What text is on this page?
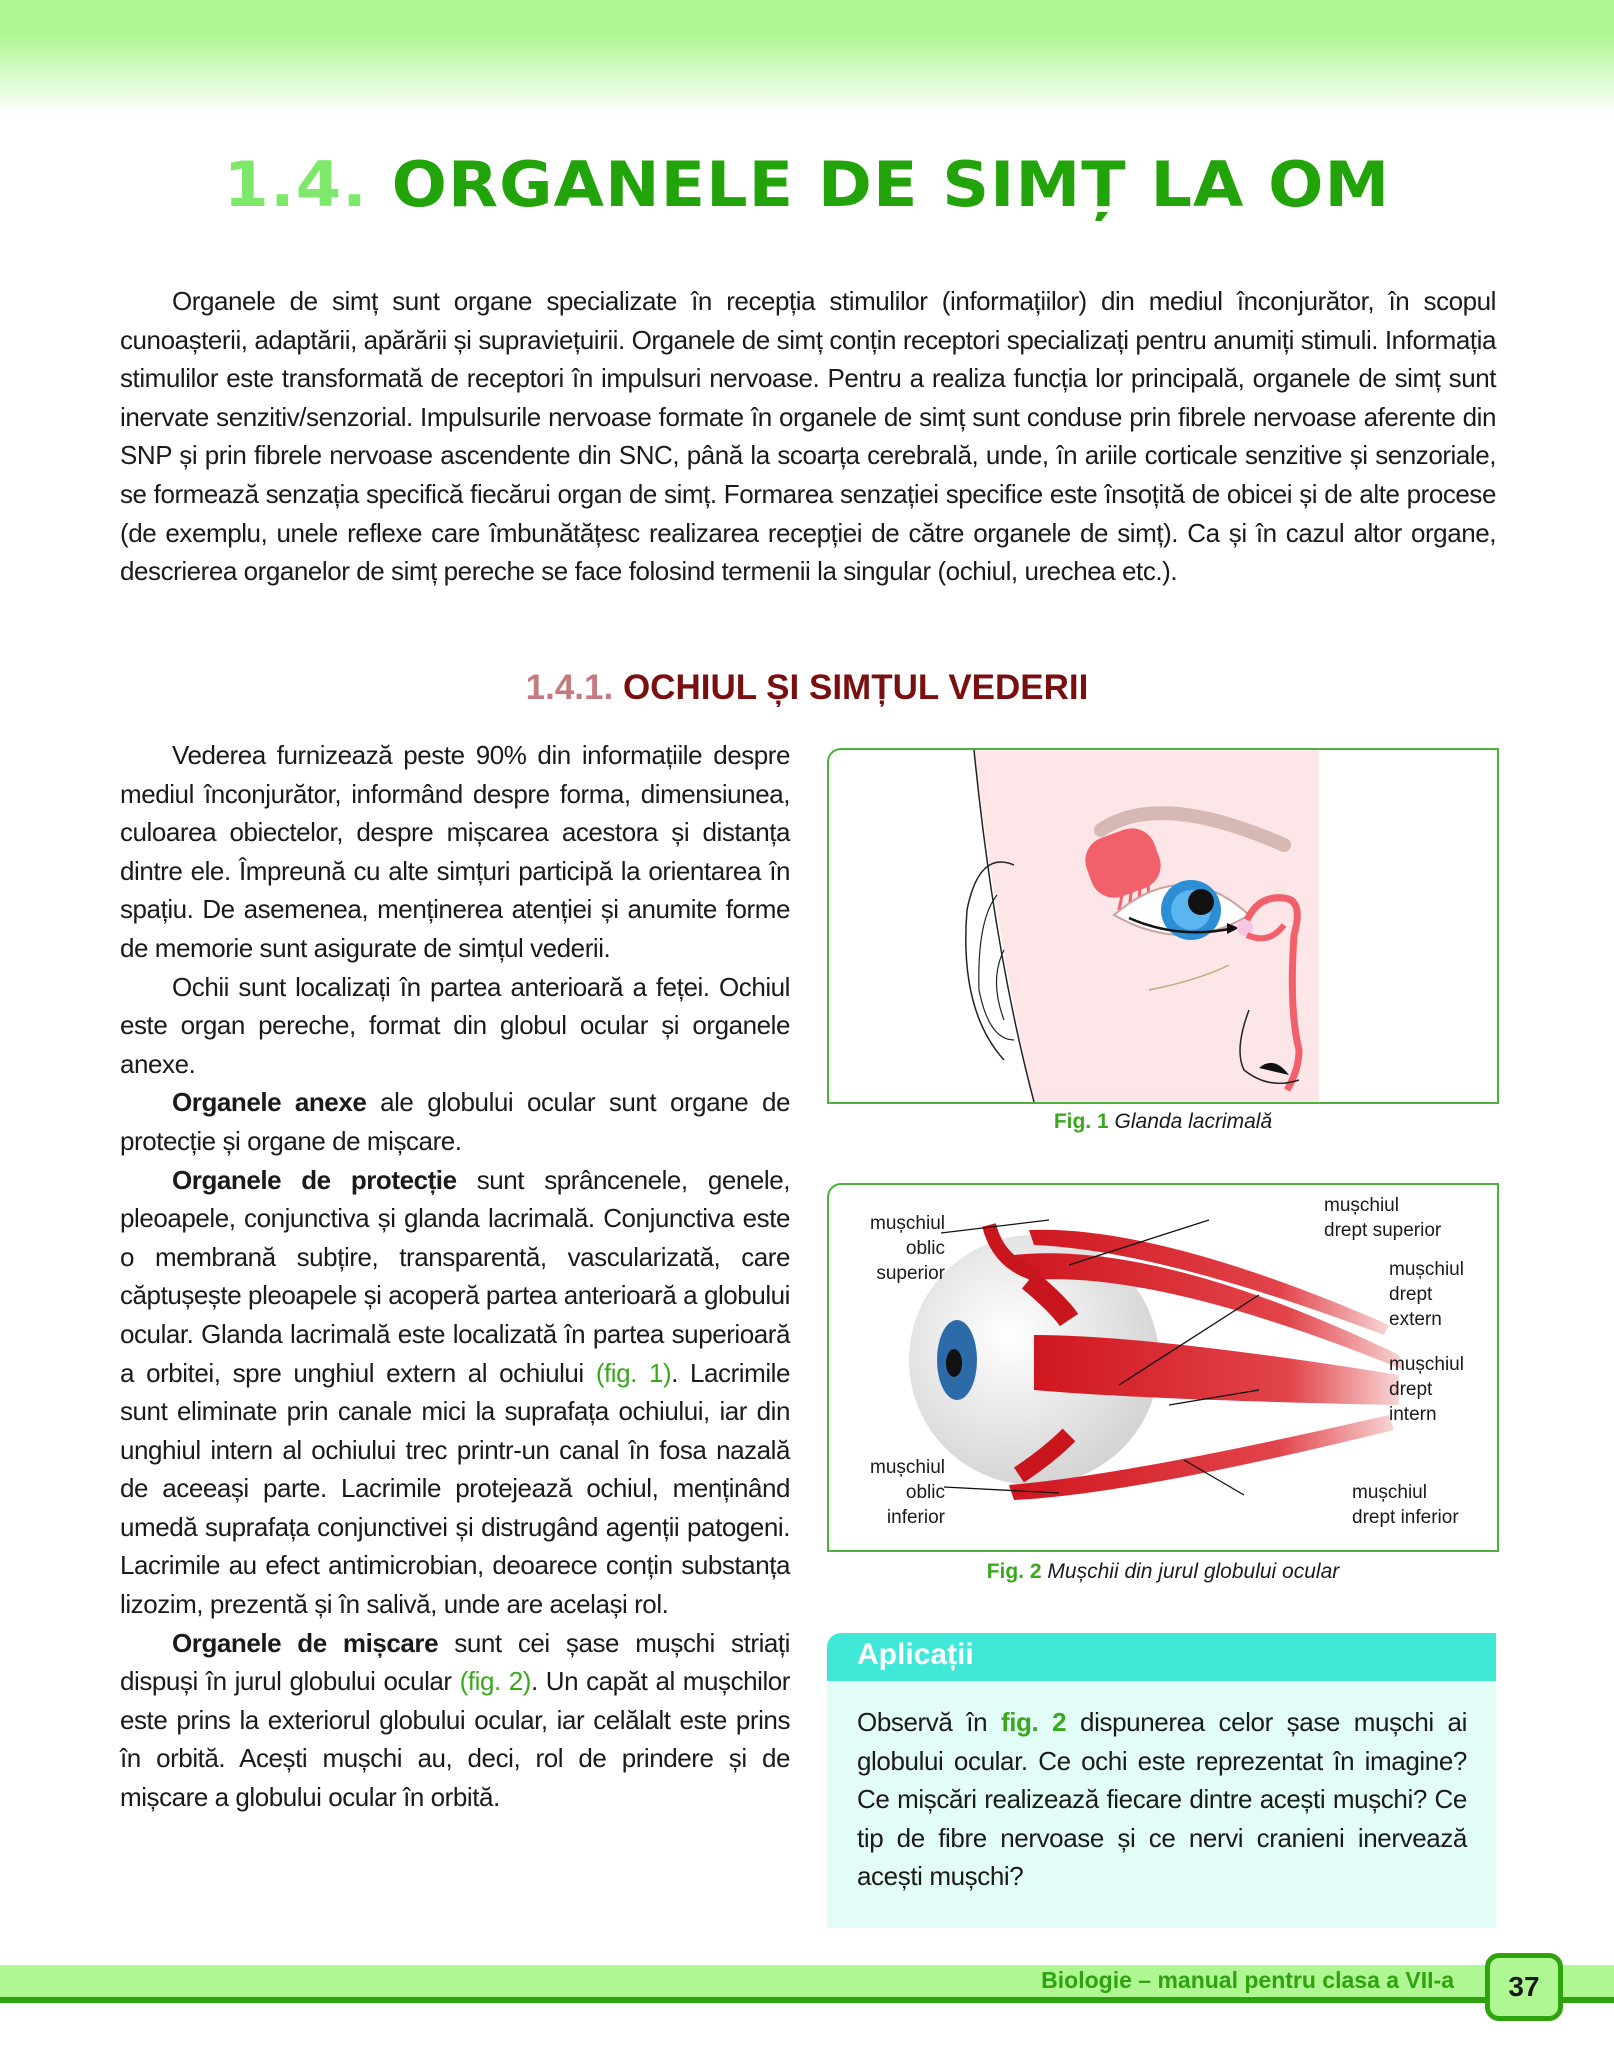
1.4. ORGANELE DE SIMȚ LA OM

Organele de simț sunt organe specializate în recepția stimulilor (informațiilor) din mediul înconjurător, în scopul cunoașterii, adaptării, apărării și supraviețuirii. Organele de simț conțin receptori specializați pentru anumiți stimuli. Informația stimulilor este transformată de receptori în impulsuri nervoase. Pentru a realiza funcția lor principală, organele de simț sunt inervate senzitiv/senzorial. Impulsurile nervoase formate în organele de simț sunt conduse prin fibrele nervoase aferente din SNP și prin fibrele nervoase ascendente din SNC, până la scoarța cerebrală, unde, în ariile corticale senzitive și senzoriale, se formează senzația specifică fiecărui organ de simț. Formarea senzației specifice este însoțită de obicei și de alte procese (de exemplu, unele reflexe care îmbunătățesc realizarea recepției de către organele de simț). Ca și în cazul altor organe, descrierea organelor de simț pereche se face folosind termenii la singular (ochiul, urechea etc.).

1.4.1. OCHIUL ȘI SIMȚUL VEDERII

Vederea furnizează peste 90% din informațiile despre mediul înconjurător, informând despre forma, dimensiunea, culoarea obiectelor, despre mișcarea acestora și distanța dintre ele. Împreună cu alte simțuri participă la orientarea în spațiu. De asemenea, menținerea atenției și anumite forme de memorie sunt asigurate de simțul vederii.

Ochii sunt localizați în partea anterioară a feței. Ochiul este organ pereche, format din globul ocular și organele anexe.

Organele anexe ale globului ocular sunt organe de protecție și organe de mișcare.

Organele de protecție sunt sprâncenele, genele, pleoapele, conjunctiva și glanda lacrimală. Conjunctiva este o membrană subțire, transparentă, vascularizată, care căptușește pleoapele și acoperă partea anterioară a globului ocular. Glanda lacrimală este localizată în partea superioară a orbitei, spre unghiul extern al ochiului (fig. 1). Lacrimile sunt eliminate prin canale mici la suprafața ochiului, iar din unghiul intern al ochiului trec printr-un canal în fosa nazală de aceeași parte. Lacrimile protejează ochiul, menținând umedă suprafața conjunctivei și distrugând agenții patogeni. Lacrimile au efect antimicrobian, deoarece conțin substanța lizozim, prezentă și în salivă, unde are același rol.

Organele de mișcare sunt cei șase mușchi striați dispuși în jurul globului ocular (fig. 2). Un capăt al mușchilor este prins la exteriorul globului ocular, iar celălalt este prins în orbită. Acești mușchi au, deci, rol de prindere și de mișcare a globului ocular în orbită.

Fig. 1 Glanda lacrimală
mușchiul
oblic
superior
mușchiul
drept superior
mușchiul
drept
extern
mușchiul
drept
intern
mușchiul
oblic
inferior
mușchiul
drept inferior
Fig. 2 Mușchii din jurul globului ocular
Aplicații

Observă în fig. 2 dispunerea celor șase mușchi ai globului ocular. Ce ochi este reprezentat în imagine? Ce mișcări realizează fiecare dintre acești mușchi? Ce tip de fibre nervoase și ce nervi cranieni inervează acești mușchi?

Biologie – manual pentru clasa a VII-a	37
